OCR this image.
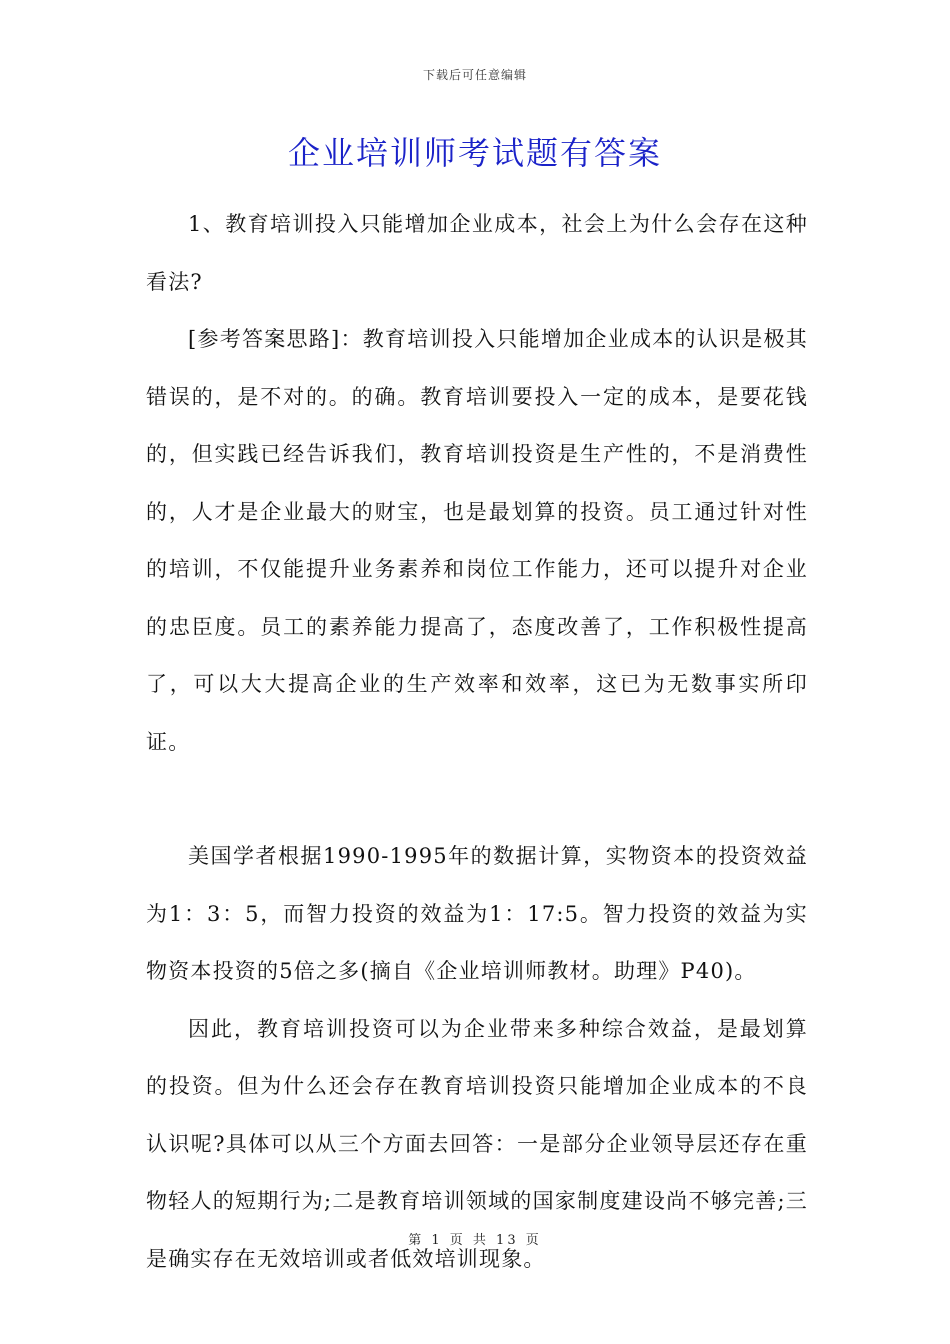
下载后可任意编辑
企业培训师考试题有答案

1、教育培训投入只能增加企业成本，社会上为什么会存在这种看法?

[参考答案思路]：教育培训投入只能增加企业成本的认识是极其错误的，是不对的。的确。教育培训要投入一定的成本，是要花钱的，但实践已经告诉我们，教育培训投资是生产性的，不是消费性的，人才是企业最大的财宝，也是最划算的投资。员工通过针对性的培训，不仅能提升业务素养和岗位工作能力，还可以提升对企业的忠臣度。员工的素养能力提高了，态度改善了，工作积极性提高了，可以大大提高企业的生产效率和效率，这已为无数事实所印证。

美国学者根据1990-1995年的数据计算，实物资本的投资效益为1：3：5，而智力投资的效益为1：17:5。智力投资的效益为实物资本投资的5倍之多(摘自《企业培训师教材。助理》P40)。

因此，教育培训投资可以为企业带来多种综合效益，是最划算的投资。但为什么还会存在教育培训投资只能增加企业成本的不良认识呢?具体可以从三个方面去回答：一是部分企业领导层还存在重物轻人的短期行为;二是教育培训领域的国家制度建设尚不够完善;三是确实存在无效培训或者低效培训现象。

第 1 页 共 13 页
